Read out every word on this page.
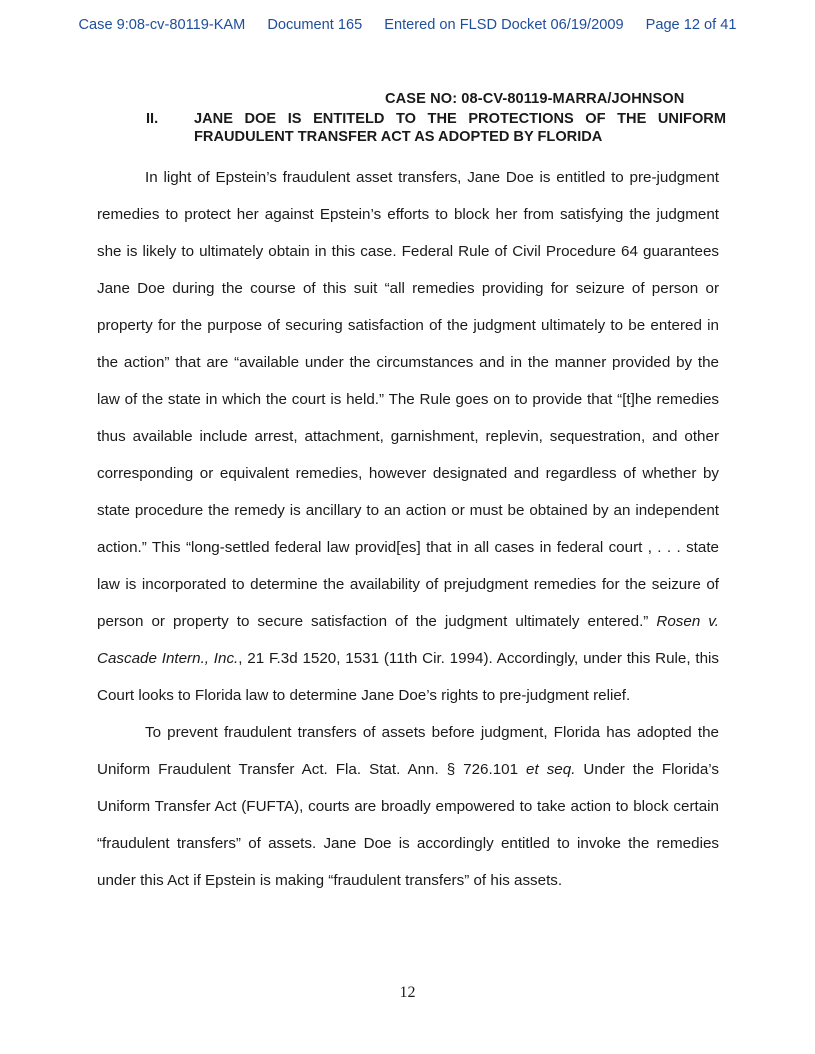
Case 9:08-cv-80119-KAM Document 165 Entered on FLSD Docket 06/19/2009 Page 12 of 41
CASE NO: 08-CV-80119-MARRA/JOHNSON
II. JANE DOE IS ENTITELD TO THE PROTECTIONS OF THE UNIFORM FRAUDULENT TRANSFER ACT AS ADOPTED BY FLORIDA

In light of Epstein’s fraudulent asset transfers, Jane Doe is entitled to pre-judgment remedies to protect her against Epstein’s efforts to block her from satisfying the judgment she is likely to ultimately obtain in this case. Federal Rule of Civil Procedure 64 guarantees Jane Doe during the course of this suit “all remedies providing for seizure of person or property for the purpose of securing satisfaction of the judgment ultimately to be entered in the action” that are “available under the circumstances and in the manner provided by the law of the state in which the court is held.” The Rule goes on to provide that “[t]he remedies thus available include arrest, attachment, garnishment, replevin, sequestration, and other corresponding or equivalent remedies, however designated and regardless of whether by state procedure the remedy is ancillary to an action or must be obtained by an independent action.” This “long-settled federal law provid[es] that in all cases in federal court , . . . state law is incorporated to determine the availability of prejudgment remedies for the seizure of person or property to secure satisfaction of the judgment ultimately entered.” Rosen v. Cascade Intern., Inc., 21 F.3d 1520, 1531 (11th Cir. 1994). Accordingly, under this Rule, this Court looks to Florida law to determine Jane Doe’s rights to pre-judgment relief.

To prevent fraudulent transfers of assets before judgment, Florida has adopted the Uniform Fraudulent Transfer Act. Fla. Stat. Ann. § 726.101 et seq. Under the Florida’s Uniform Transfer Act (FUFTA), courts are broadly empowered to take action to block certain “fraudulent transfers” of assets. Jane Doe is accordingly entitled to invoke the remedies under this Act if Epstein is making “fraudulent transfers” of his assets.

12
